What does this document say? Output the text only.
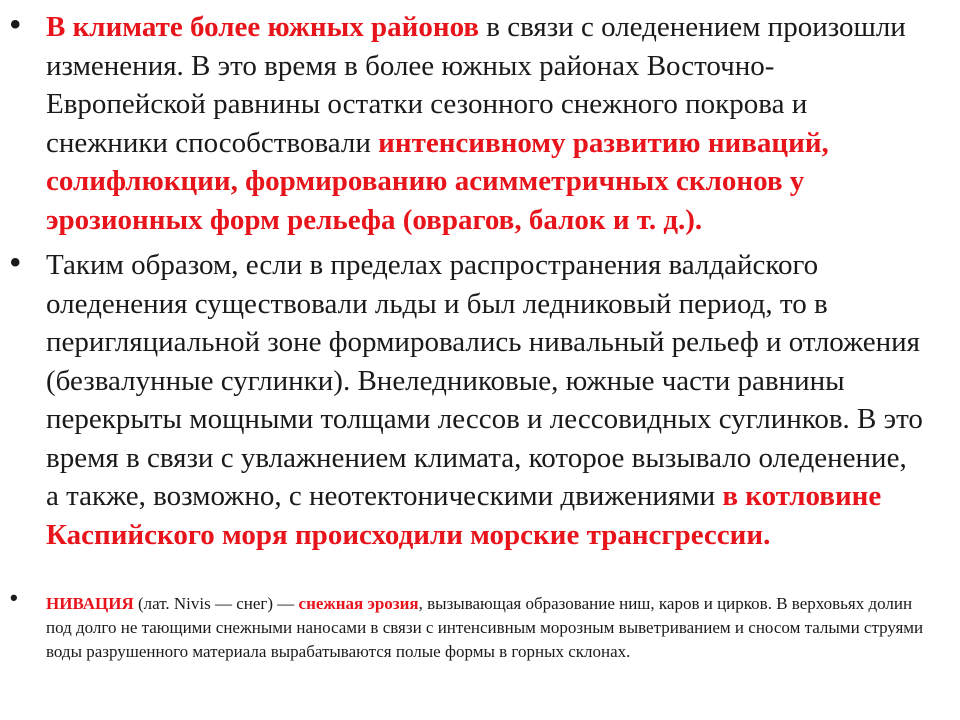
• В климате более южных районов в связи с оледенением произошли изменения. В это время в более южных районах Восточно-Европейской равнины остатки сезонного снежного покрова и снежники способствовали интенсивному развитию ниваций, солифлюкции, формированию асимметричных склонов у эрозионных форм рельефа (оврагов, балок и т. д.).
• Таким образом, если в пределах распространения валдайского оледенения существовали льды и был ледниковый период, то в перигляциальной зоне формировались нивальный рельеф и отложения (безвалунные суглинки). Внеледниковые, южные части равнины перекрыты мощными толщами лессов и лессовидных суглинков. В это время в связи с увлажнением климата, которое вызывало оледенение, а также, возможно, с неотектоническими движениями в котловине Каспийского моря происходили морские трансгрессии.
• НИВАЦИЯ (лат. Nivis — снег) — снежная эрозия, вызывающая образование ниш, каров и цирков. В верховьях долин под долго не тающими снежными наносами в связи с интенсивным морозным выветриванием и сносом талыми струями воды разрушенного материала вырабатываются полые формы в горных склонах.
